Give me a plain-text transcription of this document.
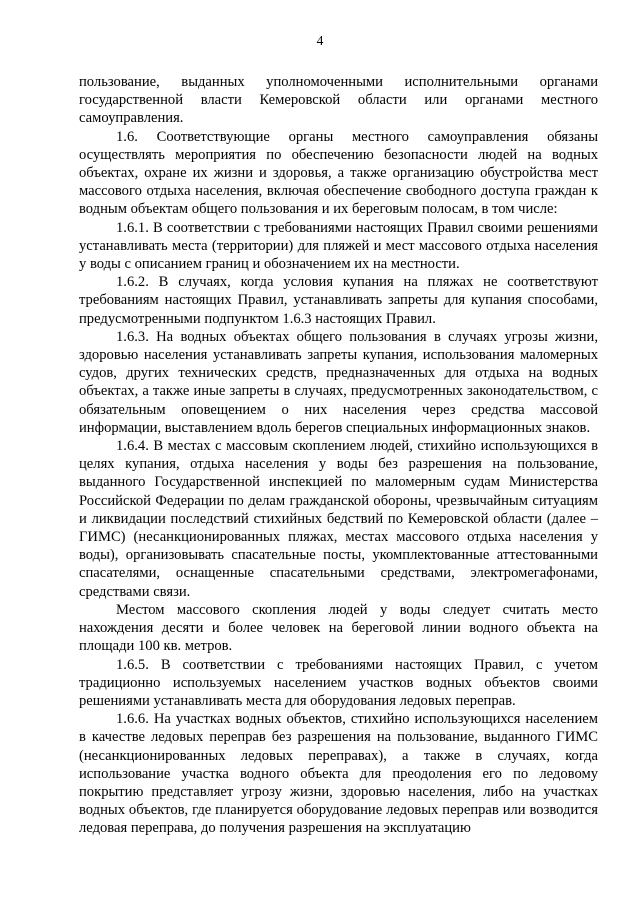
4

пользование, выданных уполномоченными исполнительными органами государственной власти Кемеровской области или органами местного самоуправления.

1.6. Соответствующие органы местного самоуправления обязаны осуществлять мероприятия по обеспечению безопасности людей на водных объектах, охране их жизни и здоровья, а также организацию обустройства мест массового отдыха населения, включая обеспечение свободного доступа граждан к водным объектам общего пользования и их береговым полосам, в том числе:

1.6.1. В соответствии с требованиями настоящих Правил своими решениями устанавливать места (территории) для пляжей и мест массового отдыха населения у воды с описанием границ и обозначением их на местности.

1.6.2. В случаях, когда условия купания на пляжах не соответствуют требованиям настоящих Правил, устанавливать запреты для купания способами, предусмотренными подпунктом 1.6.3 настоящих Правил.

1.6.3. На водных объектах общего пользования в случаях угрозы жизни, здоровью населения устанавливать запреты купания, использования маломерных судов, других технических средств, предназначенных для отдыха на водных объектах, а также иные запреты в случаях, предусмотренных законодательством, с обязательным оповещением о них населения через средства массовой информации, выставлением вдоль берегов специальных информационных знаков.

1.6.4. В местах с массовым скоплением людей, стихийно использующихся в целях купания, отдыха населения у воды без разрешения на пользование, выданного Государственной инспекцией по маломерным судам Министерства Российской Федерации по делам гражданской обороны, чрезвычайным ситуациям и ликвидации последствий стихийных бедствий по Кемеровской области (далее – ГИМС) (несанкционированных пляжах, местах массового отдыха населения у воды), организовывать спасательные посты, укомплектованные аттестованными спасателями, оснащенные спасательными средствами, электромегафонами, средствами связи.

Местом массового скопления людей у воды следует считать место нахождения десяти и более человек на береговой линии водного объекта на площади 100 кв. метров.

1.6.5. В соответствии с требованиями настоящих Правил, с учетом традиционно используемых населением участков водных объектов своими решениями устанавливать места для оборудования ледовых переправ.

1.6.6. На участках водных объектов, стихийно использующихся населением в качестве ледовых переправ без разрешения на пользование, выданного ГИМС (несанкционированных ледовых переправах), а также в случаях, когда использование участка водного объекта для преодоления его по ледовому покрытию представляет угрозу жизни, здоровью населения, либо на участках водных объектов, где планируется оборудование ледовых переправ или возводится ледовая переправа, до получения разрешения на эксплуатацию
